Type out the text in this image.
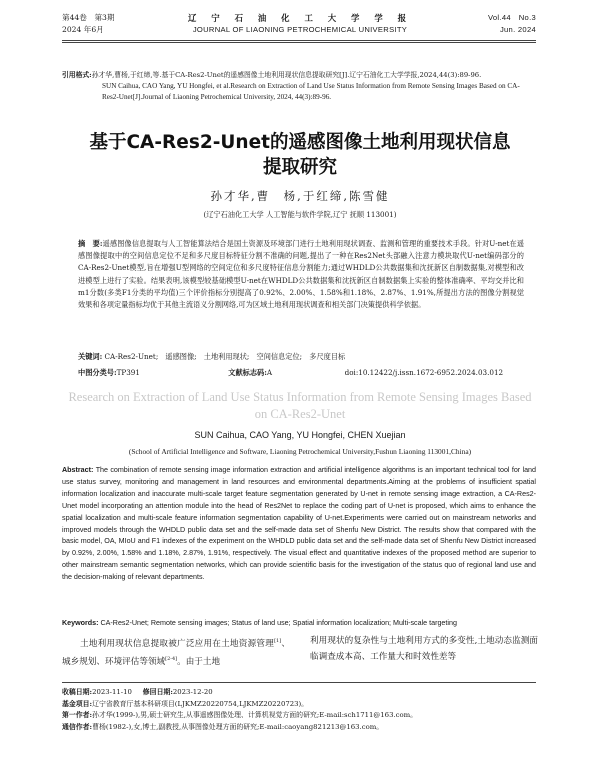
第44卷　第3期
2024 年6月
辽 宁 石 油 化 工 大 学 学 报
JOURNAL OF LIAONING PETROCHEMICAL UNIVERSITY
Vol.44　No.3
Jun. 2024
引用格式:孙才华,曹杨,于红缔,等.基于CA-Res2-Unet的遥感图像土地利用现状信息提取研究[J].辽宁石油化工大学学报,2024,44(3):89-96.
SUN Caihua, CAO Yang, YU Hongfei, et al.Research on Extraction of Land Use Status Information from Remote Sensing Images Based on CA-Res2-Unet[J].Journal of Liaoning Petrochemical University, 2024, 44(3):89-96.
基于CA-Res2-Unet的遥感图像土地利用现状信息
提取研究
孙才华,曹　杨,于红缔,陈雪健
(辽宁石油化工大学 人工智能与软件学院,辽宁 抚顺 113001)
摘　要:遥感图像信息提取与人工智能算法结合是国土资源及环境部门进行土地利用现状调查、监测和管理的重要技术手段。针对U-net在遥感图像提取中的空间信息定位不足和多尺度目标特征分割不准确的问题,提出了一种在Res2Net头部融入注意力模块取代U-net编码部分的CA-Res2-Unet模型,旨在增强U型网络的空间定位和多尺度特征信息分割能力;通过WHDLD公共数据集和沈抚新区自制数据集,对模型和改进模型上进行了实验。结果表明,该模型较基础模型U-net在WHDLD公共数据集和沈抚新区自制数据集上实验的整体准确率、平均交并比和m1分数(多类F1分类的平均值)三个评价指标分别提高了0.92%、2.00%、1.58%和1.18%、2.87%、1.91%,所提出方法的图像分割视觉效果和各项定量指标均优于其他主流语义分割网络,可为区域土地利用现状调查和相关部门决策提供科学依据。
关键词: CA-Res2-Unet;　遥感图像;　土地利用现状;　空间信息定位;　多尺度目标
中图分类号:TP391	文献标志码:A	doi:10.12422/j.issn.1672-6952.2024.03.012
Research on Extraction of Land Use Status Information from Remote Sensing Images Based on CA-Res2-Unet
SUN Caihua, CAO Yang, YU Hongfei, CHEN Xuejian
(School of Artificial Intelligence and Software, Liaoning Petrochemical University,Fushun Liaoning 113001,China)
Abstract: The combination of remote sensing image information extraction and artificial intelligence algorithms is an important technical tool for land use status survey, monitoring and management in land resources and environmental departments.Aiming at the problems of insufficient spatial information localization and inaccurate multi-scale target feature segmentation generated by U-net in remote sensing image extraction, a CA-Res2-Unet model incorporating an attention module into the head of Res2Net to replace the coding part of U-net is proposed, which aims to enhance the spatial localization and multi-scale feature information segmentation capability of U-net.Experiments were carried out on mainstream networks and improved models through the WHDLD public data set and the self-made data set of Shenfu New District. The results show that compared with the basic model, OA, MIoU and F1 indexes of the experiment on the WHDLD public data set and the self-made data set of Shenfu New District increased by 0.92%, 2.00%, 1.58% and 1.18%, 2.87%, 1.91%, respectively. The visual effect and quantitative indexes of the proposed method are superior to other mainstream semantic segmentation networks, which can provide scientific basis for the investigation of the status quo of regional land use and the decision-making of relevant departments.
Keywords: CA-Res2-Unet; Remote sensing images; Status of land use; Spatial information localization; Multi-scale targeting
土地利用现状信息提取被广泛应用在土地资源管理[1]、城乡规划、环境评估等领域[2-4]。由于土地
利用现状的复杂性与土地利用方式的多变性,土地动态监测面临调查成本高、工作量大和时效性差等
收稿日期:2023-11-10 修回日期:2023-12-20
基金项目:辽宁省教育厅基本科研项目(LJKMZ20220754,LJKMZ20220723)。
第一作者:孙才华(1999-),男,硕士研究生,从事遥感图像处理、计算机视觉方面的研究;E-mail:sch1711@163.com。
通信作者:曹杨(1982-),女,博士,副教授,从事图像处理方面的研究;E-mail:caoyang821213@163.com。
